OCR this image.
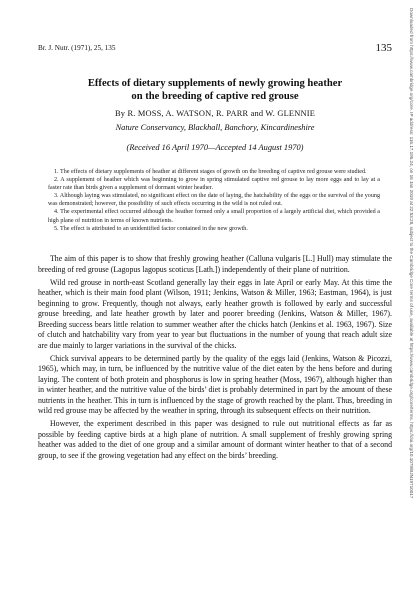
Downloaded from https://www.cambridge.org/core. IP address: 116.17.195.24, on 16 Jan 2019 at 22:53:28, subject to the Cambridge Core terms of use, available at https://www.cambridge.org/core/terms. https://doi.org/10.1079/BJN19710017
Br. J. Nutr. (1971), 25, 135	135
Effects of dietary supplements of newly growing heather
on the breeding of captive red grouse
By R. MOSS, A. WATSON, R. PARR and W. GLENNIE
Nature Conservancy, Blackhall, Banchory, Kincardineshire
(Received 16 April 1970—Accepted 14 August 1970)
1. The effects of dietary supplements of heather at different stages of growth on the breeding of captive red grouse were studied.
2. A supplement of heather which was beginning to grow in spring stimulated captive red grouse to lay more eggs and to lay at a faster rate than birds given a supplement of dormant winter heather.
3. Although laying was stimulated, no significant effect on the date of laying, the hatchability of the eggs or the survival of the young was demonstrated; however, the possibility of such effects occurring in the wild is not ruled out.
4. The experimental effect occurred although the heather formed only a small proportion of a largely artificial diet, which provided a high plane of nutrition in terms of known nutrients.
5. The effect is attributed to an unidentified factor contained in the new growth.

The aim of this paper is to show that freshly growing heather (Calluna vulgaris [L.] Hull) may stimulate the breeding of red grouse (Lagopus lagopus scoticus [Lath.]) independently of their plane of nutrition.

Wild red grouse in north-east Scotland generally lay their eggs in late April or early May. At this time the heather, which is their main food plant (Wilson, 1911; Jenkins, Watson & Miller, 1963; Eastman, 1964), is just beginning to grow. Frequently, though not always, early heather growth is followed by early and successful grouse breeding, and late heather growth by later and poorer breeding (Jenkins, Watson & Miller, 1967). Breeding success bears little relation to summer weather after the chicks hatch (Jenkins et al. 1963, 1967). Size of clutch and hatchability vary from year to year but fluctuations in the number of young that reach adult size are due mainly to larger variations in the survival of the chicks.

Chick survival appears to be determined partly by the quality of the eggs laid (Jenkins, Watson & Picozzi, 1965), which may, in turn, be influenced by the nutritive value of the diet eaten by the hens before and during laying. The content of both protein and phosphorus is low in spring heather (Moss, 1967), although higher than in winter heather, and the nutritive value of the birds’ diet is probably determined in part by the amount of these nutrients in the heather. This in turn is influenced by the stage of growth reached by the plant. Thus, breeding in wild red grouse may be affected by the weather in spring, through its subsequent effects on their nutrition.

However, the experiment described in this paper was designed to rule out nutritional effects as far as possible by feeding captive birds at a high plane of nutrition. A small supplement of freshly growing spring heather was added to the diet of one group and a similar amount of dormant winter heather to that of a second group, to see if the growing vegetation had any effect on the birds’ breeding.
